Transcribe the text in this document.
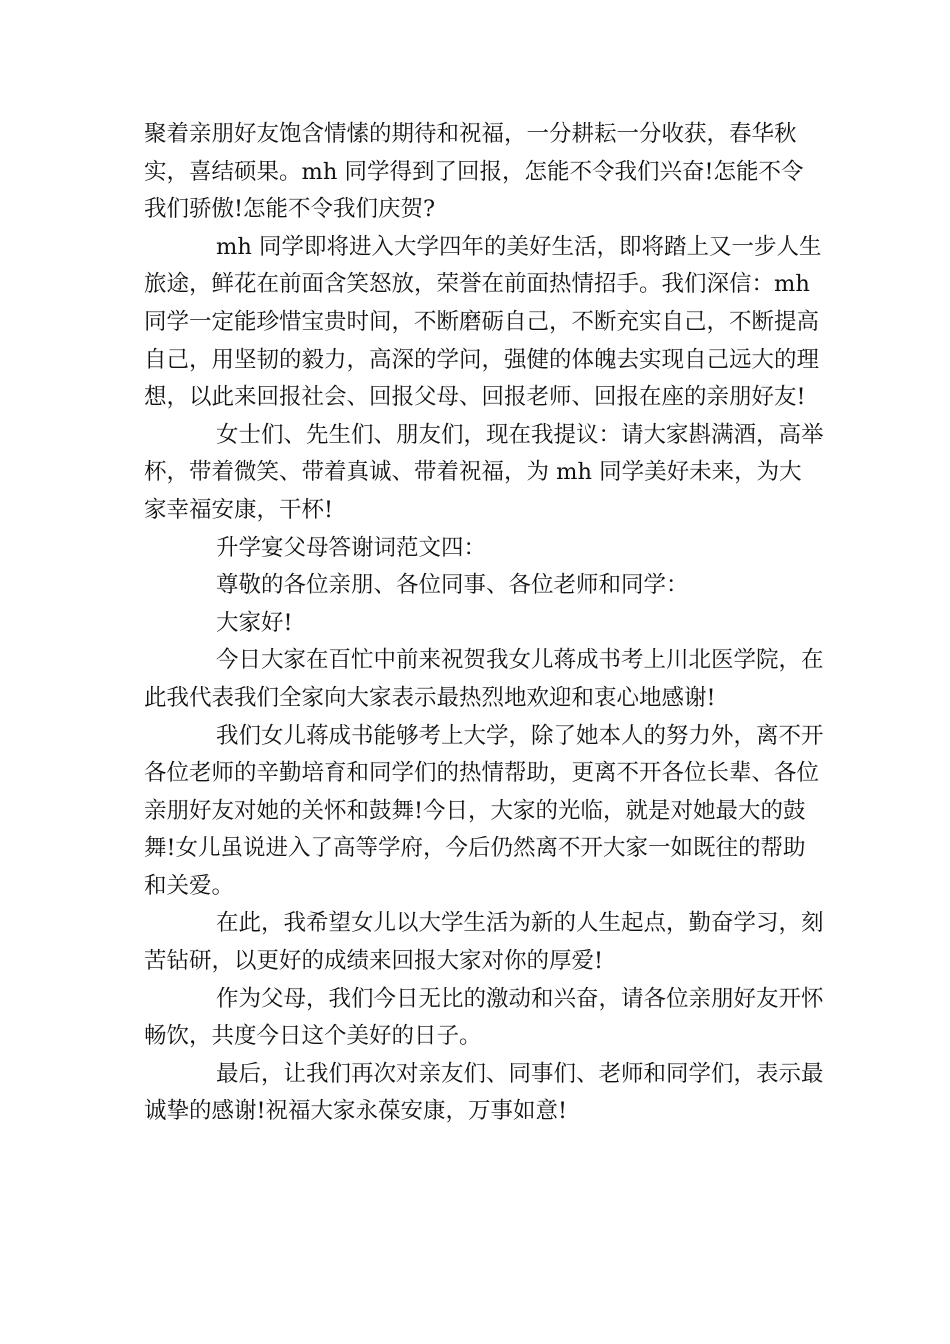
聚着亲朋好友饱含情愫的期待和祝福，一分耕耘一分收获，春华秋实，喜结硕果。mh 同学得到了回报，怎能不令我们兴奋!怎能不令我们骄傲!怎能不令我们庆贺?

mh 同学即将进入大学四年的美好生活，即将踏上又一步人生旅途，鲜花在前面含笑怒放，荣誉在前面热情招手。我们深信：mh 同学一定能珍惜宝贵时间，不断磨砺自己，不断充实自己，不断提高自己，用坚韧的毅力，高深的学问，强健的体魄去实现自己远大的理想，以此来回报社会、回报父母、回报老师、回报在座的亲朋好友!

女士们、先生们、朋友们，现在我提议：请大家斟满酒，高举杯，带着微笑、带着真诚、带着祝福，为 mh 同学美好未来，为大家幸福安康，干杯!

升学宴父母答谢词范文四：

尊敬的各位亲朋、各位同事、各位老师和同学：

大家好!

今日大家在百忙中前来祝贺我女儿蒋成书考上川北医学院，在此我代表我们全家向大家表示最热烈地欢迎和衷心地感谢!

我们女儿蒋成书能够考上大学，除了她本人的努力外，离不开各位老师的辛勤培育和同学们的热情帮助，更离不开各位长辈、各位亲朋好友对她的关怀和鼓舞!今日，大家的光临，就是对她最大的鼓舞!女儿虽说进入了高等学府，今后仍然离不开大家一如既往的帮助和关爱。

在此，我希望女儿以大学生活为新的人生起点，勤奋学习，刻苦钻研，以更好的成绩来回报大家对你的厚爱!

作为父母，我们今日无比的激动和兴奋，请各位亲朋好友开怀畅饮，共度今日这个美好的日子。

最后，让我们再次对亲友们、同事们、老师和同学们，表示最诚挚的感谢!祝福大家永葆安康，万事如意!
